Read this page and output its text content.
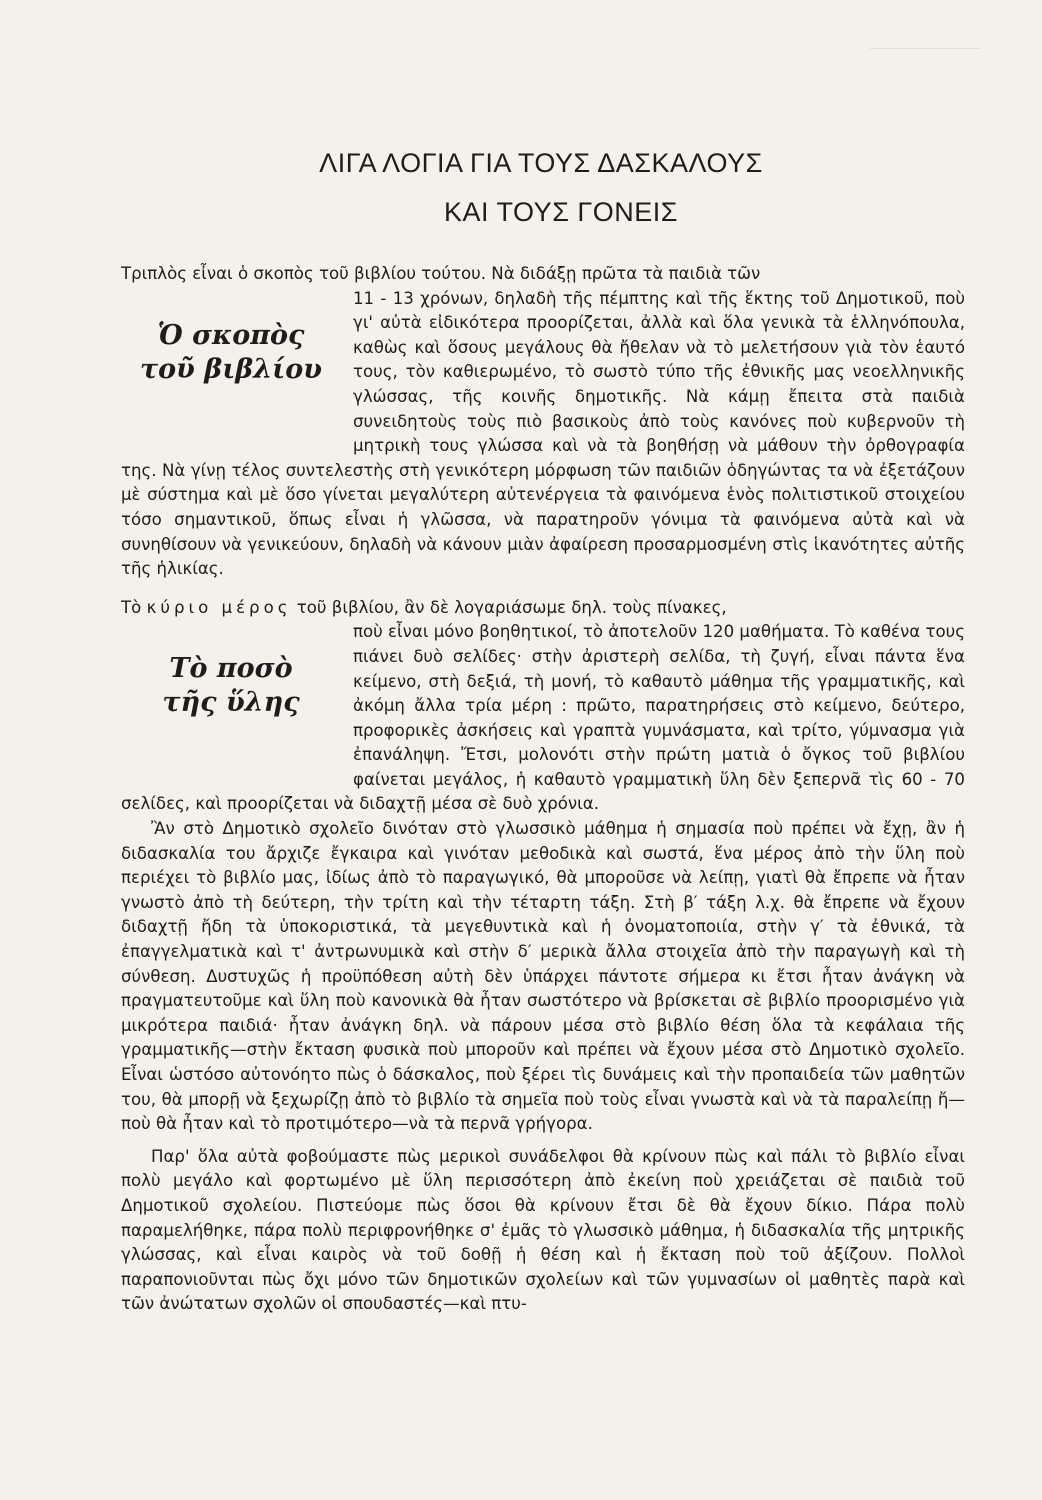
ΛΙΓΑ ΛΟΓΙΑ ΓΙΑ ΤΟΥΣ ΔΑΣΚΑΛΟΥΣ
ΚΑΙ ΤΟΥΣ ΓΟΝΕΙΣ

Τριπλὸς εἶναι ὁ σκοπὸς τοῦ βιβλίου τούτου. Νὰ διδάξῃ πρῶτα τὰ παιδιὰ τῶν

Ὁ σκοπὸς
τοῦ βιβλίου
11 - 13 χρόνων, δηλαδὴ τῆς πέμπτης καὶ τῆς ἕκτης τοῦ Δημοτικοῦ, ποὺ γι' αὐτὰ εἰδικότερα προορίζεται, ἀλλὰ καὶ ὅλα γενικὰ τὰ ἑλληνόπουλα, καθὼς καὶ ὅσους μεγάλους θὰ ἤθελαν νὰ τὸ μελετήσουν γιὰ τὸν ἑαυτό τους, τὸν καθιερωμένο, τὸ σωστὸ τύπο τῆς ἐθνικῆς μας νεοελληνικῆς γλώσσας, τῆς κοινῆς δημοτικῆς. Νὰ κάμῃ ἔπειτα στὰ παιδιὰ συνειδητοὺς τοὺς πιὸ βασικοὺς ἀπὸ τοὺς κανόνες ποὺ κυβερνοῦν τὴ μητρικὴ τους γλώσσα καὶ νὰ τὰ βοηθήσῃ νὰ μάθουν τὴν ὀρθογραφία της. Νὰ γίνῃ τέλος συντελεστὴς στὴ γενικότερη μόρφωση τῶν παιδιῶν ὁδηγώντας τα νὰ ἐξετάζουν μὲ σύστημα καὶ μὲ ὅσο γίνεται μεγαλύτερη αὐτενέργεια τὰ φαινόμενα ἑνὸς πολιτιστικοῦ στοιχείου τόσο σημαντικοῦ, ὅπως εἶναι ἡ γλῶσσα, νὰ παρατηροῦν γόνιμα τὰ φαινόμενα αὐτὰ καὶ νὰ συνηθίσουν νὰ γενικεύουν, δηλαδὴ νὰ κάνουν μιὰν ἀφαίρεση προσαρμοσμένη στὶς ἱκανότητες αὐτῆς τῆς ἡλικίας.

Τὸ κύριο μέρος τοῦ βιβλίου, ἂν δὲ λογαριάσωμε δηλ. τοὺς πίνακες,

Τὸ ποσὸ
τῆς ὕλης
ποὺ εἶναι μόνο βοηθητικοί, τὸ ἀποτελοῦν 120 μαθήματα. Τὸ καθένα τους πιάνει δυὸ σελίδες· στὴν ἀριστερὴ σελίδα, τὴ ζυγή, εἶναι πάντα ἕνα κείμενο, στὴ δεξιά, τὴ μονή, τὸ καθαυτὸ μάθημα τῆς γραμματικῆς, καὶ ἀκόμη ἄλλα τρία μέρη : πρῶτο, παρατηρήσεις στὸ κείμενο, δεύτερο, προφορικὲς ἀσκήσεις καὶ γραπτὰ γυμνάσματα, καὶ τρίτο, γύμνασμα γιὰ ἐπανάληψη. Ἔτσι, μολονότι στὴν πρώτη ματιὰ ὁ ὄγκος τοῦ βιβλίου φαίνεται μεγάλος, ἡ καθαυτὸ γραμματικὴ ὕλη δὲν ξεπερνᾶ τὶς 60 - 70 σελίδες, καὶ προορίζεται νὰ διδαχτῇ μέσα σὲ δυὸ χρόνια.

Ἂν στὸ Δημοτικὸ σχολεῖο δινόταν στὸ γλωσσικὸ μάθημα ἡ σημασία ποὺ πρέπει νὰ ἔχῃ, ἂν ἡ διδασκαλία του ἄρχιζε ἔγκαιρα καὶ γινόταν μεθοδικὰ καὶ σωστά, ἕνα μέρος ἀπὸ τὴν ὕλη ποὺ περιέχει τὸ βιβλίο μας, ἰδίως ἀπὸ τὸ παραγωγικό, θὰ μποροῦσε νὰ λείπῃ, γιατὶ θὰ ἔπρεπε νὰ ἦταν γνωστὸ ἀπὸ τὴ δεύτερη, τὴν τρίτη καὶ τὴν τέταρτη τάξη. Στὴ β′ τάξη λ.χ. θὰ ἔπρεπε νὰ ἔχουν διδαχτῇ ἤδη τὰ ὑποκοριστικά, τὰ μεγεθυντικὰ καὶ ἡ ὀνοματοποιία, στὴν γ′ τὰ ἐθνικά, τὰ ἐπαγγελματικὰ καὶ τ' ἀντρωνυμικὰ καὶ στὴν δ′ μερικὰ ἄλλα στοιχεῖα ἀπὸ τὴν παραγωγὴ καὶ τὴ σύνθεση. Δυστυχῶς ἡ προϋπόθεση αὐτὴ δὲν ὑπάρχει πάντοτε σήμερα κι ἔτσι ἦταν ἀνάγκη νὰ πραγματευτοῦμε καὶ ὕλη ποὺ κανονικὰ θὰ ἦταν σωστότερο νὰ βρίσκεται σὲ βιβλίο προορισμένο γιὰ μικρότερα παιδιά· ἦταν ἀνάγκη δηλ. νὰ πάρουν μέσα στὸ βιβλίο θέση ὅλα τὰ κεφάλαια τῆς γραμματικῆς—στὴν ἔκταση φυσικὰ ποὺ μποροῦν καὶ πρέπει νὰ ἔχουν μέσα στὸ Δημοτικὸ σχολεῖο. Εἶναι ὡστόσο αὐτονόητο πὼς ὁ δάσκαλος, ποὺ ξέρει τὶς δυνάμεις καὶ τὴν προπαιδεία τῶν μαθητῶν του, θὰ μπορῇ νὰ ξεχωρίζῃ ἀπὸ τὸ βιβλίο τὰ σημεῖα ποὺ τοὺς εἶναι γνωστὰ καὶ νὰ τὰ παραλείπῃ ἤ—ποὺ θὰ ἦταν καὶ τὸ προτιμότερο—νὰ τὰ περνᾶ γρήγορα.

Παρ' ὅλα αὐτὰ φοβούμαστε πὼς μερικοὶ συνάδελφοι θὰ κρίνουν πὼς καὶ πάλι τὸ βιβλίο εἶναι πολὺ μεγάλο καὶ φορτωμένο μὲ ὕλη περισσότερη ἀπὸ ἐκείνη ποὺ χρειάζεται σὲ παιδιὰ τοῦ Δημοτικοῦ σχολείου. Πιστεύομε πὼς ὅσοι θὰ κρίνουν ἔτσι δὲ θὰ ἔχουν δίκιο. Πάρα πολὺ παραμελήθηκε, πάρα πολὺ περιφρονήθηκε σ' ἐμᾶς τὸ γλωσσικὸ μάθημα, ἡ διδασκαλία τῆς μητρικῆς γλώσσας, καὶ εἶναι καιρὸς νὰ τοῦ δοθῇ ἡ θέση καὶ ἡ ἔκταση ποὺ τοῦ ἀξίζουν. Πολλοὶ παραπονιοῦνται πὼς ὄχι μόνο τῶν δημοτικῶν σχολείων καὶ τῶν γυμνασίων οἱ μαθητὲς παρὰ καὶ τῶν ἀνώτατων σχολῶν οἱ σπουδαστές—καὶ πτυ-
